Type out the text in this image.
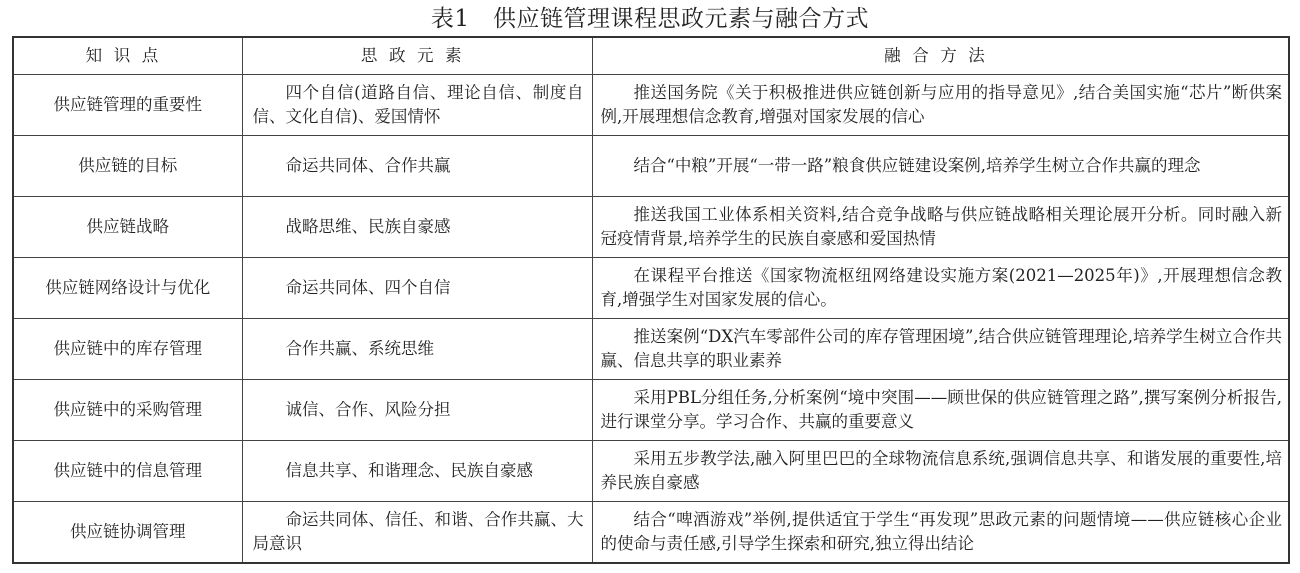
表1　供应链管理课程思政元素与融合方式
知识点	思政元素	融合方法
供应链管理的重要性	四个自信(道路自信、理论自信、制度自信、文化自信)、爱国情怀	推送国务院《关于积极推进供应链创新与应用的指导意见》,结合美国实施“芯片”断供案例,开展理想信念教育,增强对国家发展的信心
供应链的目标	命运共同体、合作共赢	结合“中粮”开展“一带一路”粮食供应链建设案例,培养学生树立合作共赢的理念
供应链战略	战略思维、民族自豪感	推送我国工业体系相关资料,结合竞争战略与供应链战略相关理论展开分析。同时融入新冠疫情背景,培养学生的民族自豪感和爱国热情
供应链网络设计与优化	命运共同体、四个自信	在课程平台推送《国家物流枢纽网络建设实施方案(2021—2025年)》,开展理想信念教育,增强学生对国家发展的信心。
供应链中的库存管理	合作共赢、系统思维	推送案例“DX汽车零部件公司的库存管理困境”,结合供应链管理理论,培养学生树立合作共赢、信息共享的职业素养
供应链中的采购管理	诚信、合作、风险分担	采用PBL分组任务,分析案例“境中突围——顾世保的供应链管理之路”,撰写案例分析报告,进行课堂分享。学习合作、共赢的重要意义
供应链中的信息管理	信息共享、和谐理念、民族自豪感	采用五步教学法,融入阿里巴巴的全球物流信息系统,强调信息共享、和谐发展的重要性,培养民族自豪感
供应链协调管理	命运共同体、信任、和谐、合作共赢、大局意识	结合“啤酒游戏”举例,提供适宜于学生“再发现”思政元素的问题情境——供应链核心企业的使命与责任感,引导学生探索和研究,独立得出结论
